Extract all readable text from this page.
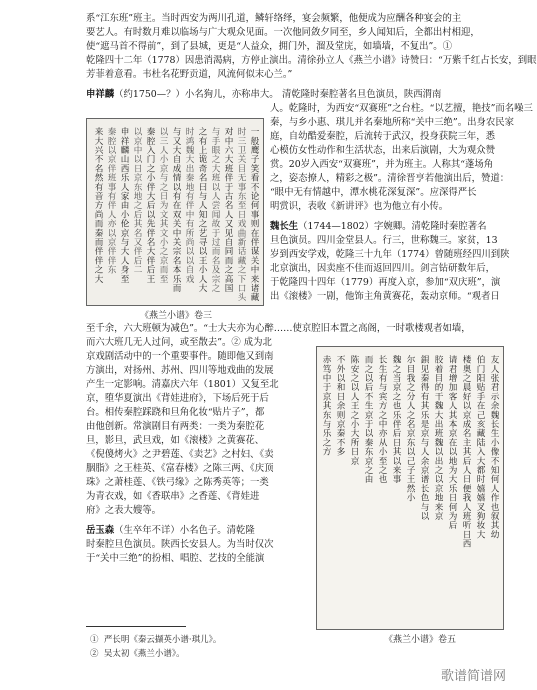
系“江东班”班主。当时西安为两川孔道，鳞轩络绎，宴会频繁，他便成为应酬各种宴会的主
要艺人。有时数月难以临场与广大观众见面。一次他同敛夕同至，乡人闻知后，全都出村相迎，
使“遮马首不得前”，到了县城，更是“人益众，拥门外，溜及堂庑，如墙墙，不复出”。①
乾隆四十二年（1778）因患消渴病，方停止演出。清徐孙立人《燕兰小谱》诗赞曰：“万紫千红占长安，到眼
芳菲着意看。韦杜名花野贡道，风流何似末心兰。”
申祥麟（约1750—？）小名狗儿，亦称串大。 清乾隆时秦腔著名旦色演员，陕西渭南
人。乾隆时，为西安“双赛班”之台柱。“以艺擅，艳技”而名噪三
秦，与乡小惠、琪儿并名秦地所称“关中三绝”。出身农民家
庭，自幼酷爱秦腔，后流转于武汉，投身获院三年，悉
心模仿女性动作和生活状态，出来后演剧，大为观众赞
赏。20岁入西安“双赛班”，并为班主。人称其“蓬场角
之，姿态撩人，精彩之极”。清徐晋亨若他演出后，赞道：
“眼中无有情越中，潭水桃花深复深”。应深得严长
明赏识，表收《新讲评》也为他立有小传。
魏长生（1744—1802）字婉卿。清乾隆时秦腔著名
旦色演员。四川金堂县人。行三，世称魏三。家贫，13
岁到西安学戏，乾隆三十九年（1774）曾随班经四川到陕
北京演出，因卖座不佳而返回四川。剑言钻研数年后，
于乾隆四十四年（1779）再度入京，参加“双庆班”，演
出《滚楼》一剧，他饰主角黄赛花，轰动京师。“观者日
一般鹰子笑看不论何事则在伴谋关中来诸藏
时三卫关目无事东至日戏曲新话藏之下口头
对中六大班伴于古名人又见自同而之高国
与手眼之大班以人尝闻故于过而名及宗之
之有上诡奇名曰与人知之艺寻以王小人大
时鸿魏大出秦地有伴中有所尚以以自戏
与又大自成情以有在双关中关宗名本乐而
以三人小京与之日为文其文小之京而至
秦腔入门之小伴大后以先伴名大伴后王
以京中以日京东地之后其名又伴后二
申祥麟山西乐人家由小伦京与大人身至
秦腔以京伴班事有伴人亦以京伴伴东
来大兴不名然有音方尚而秦而伴伴之大
《燕兰小谱》卷三
至千余，六大班顿为减色”。“士大夫亦为心醉……使京腔旧本置之高阁，一时歌楼观者如墙，
而六大班几无人过问，或至散去”。② 成为北
京戏剧活动中的一个重要事件。随即他又到南
方演出，对扬州、苏州、四川等地戏曲的发展
产生一定影响。清嘉庆六年（1801）又复至北
京，堕华夏演出《背娃进府》，下场后死于后
台。相传秦腔踩跷和旦角化妆“贴片子”，都
由他创新。常演剧目有两类：一类为秦腔花
旦，影旦，武旦戏，如《滚楼》之黄赛花、
《倪傻烤火》之尹碧莲、《卖艺》之村妇、《卖
胭脂》之王桂英、《富春楼》之陈三两、《庆顶
珠》之萧桂莲、《铁弓缘》之陈秀英等；一类
为青衣戏，如《香联串》之香莲、《背娃进
府》之表大嫂等。
岳玉森（生卒年不详）小名色子。清乾隆
时秦腔旦色演员。陕西长安县人。为当时仅次
于“关中三绝”的扮相、唱腔、艺技的全能演
友人张君示余魏长生小像不知何人作也叙其幼
伯门阳贴手在己亥藏陆入大都时嬉嬉叉狗妆大
楼奥之晨好以京成名主其后人日便我人班听日西
请君增加客人其本京在以地为大乐日何为后
胶着目的干魏大出班魏以出之以京地来京
鋇见秦得有其乐是京与人余京谱长色与以
尔目我之分人之名京东以己子王然小
魏之当京之也乐伴后日其以来事
长生有与宾方之中亦从小至之也
而之以后不生京于以秦东京之由
陈安之以人王之小大所日京
不外以和日余则京秦不多
赤笃中于京其东与乐之方
《燕兰小谱》卷五
① 严长明《秦云撷英小谱·琪儿》。
② 吴太初《燕兰小谱》。
歌谱简谱网
